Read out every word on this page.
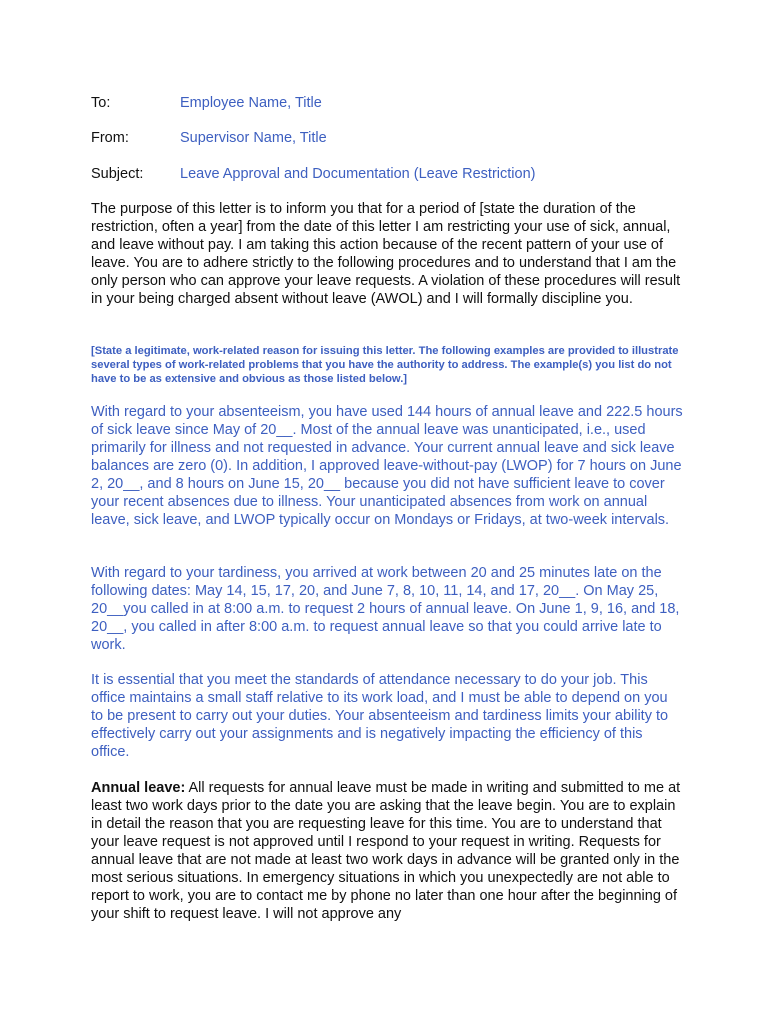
To:	Employee Name, Title
From:	Supervisor Name, Title
Subject:	Leave Approval and Documentation (Leave Restriction)

The purpose of this letter is to inform you that for a period of [state the duration of the restriction, often a year] from the date of this letter I am restricting your use of sick, annual, and leave without pay. I am taking this action because of the recent pattern of your use of leave. You are to adhere strictly to the following procedures and to understand that I am the only person who can approve your leave requests. A violation of these procedures will result in your being charged absent without leave (AWOL) and I will formally discipline you.

[State a legitimate, work-related reason for issuing this letter. The following examples are provided to illustrate several types of work-related problems that you have the authority to address. The example(s) you list do not have to be as extensive and obvious as those listed below.]

With regard to your absenteeism, you have used 144 hours of annual leave and 222.5 hours of sick leave since May of 20__. Most of the annual leave was unanticipated, i.e., used primarily for illness and not requested in advance. Your current annual leave and sick leave balances are zero (0). In addition, I approved leave-without-pay (LWOP) for 7 hours on June 2, 20__, and 8 hours on June 15, 20__ because you did not have sufficient leave to cover your recent absences due to illness. Your unanticipated absences from work on annual leave, sick leave, and LWOP typically occur on Mondays or Fridays, at two-week intervals.

With regard to your tardiness, you arrived at work between 20 and 25 minutes late on the following dates: May 14, 15, 17, 20, and June 7, 8, 10, 11, 14, and 17, 20__. On May 25, 20__you called in at 8:00 a.m. to request 2 hours of annual leave. On June 1, 9, 16, and 18, 20__, you called in after 8:00 a.m. to request annual leave so that you could arrive late to work.

It is essential that you meet the standards of attendance necessary to do your job. This office maintains a small staff relative to its work load, and I must be able to depend on you to be present to carry out your duties. Your absenteeism and tardiness limits your ability to effectively carry out your assignments and is negatively impacting the efficiency of this office.

Annual leave: All requests for annual leave must be made in writing and submitted to me at least two work days prior to the date you are asking that the leave begin. You are to explain in detail the reason that you are requesting leave for this time. You are to understand that your leave request is not approved until I respond to your request in writing. Requests for annual leave that are not made at least two work days in advance will be granted only in the most serious situations. In emergency situations in which you unexpectedly are not able to report to work, you are to contact me by phone no later than one hour after the beginning of your shift to request leave. I will not approve any
